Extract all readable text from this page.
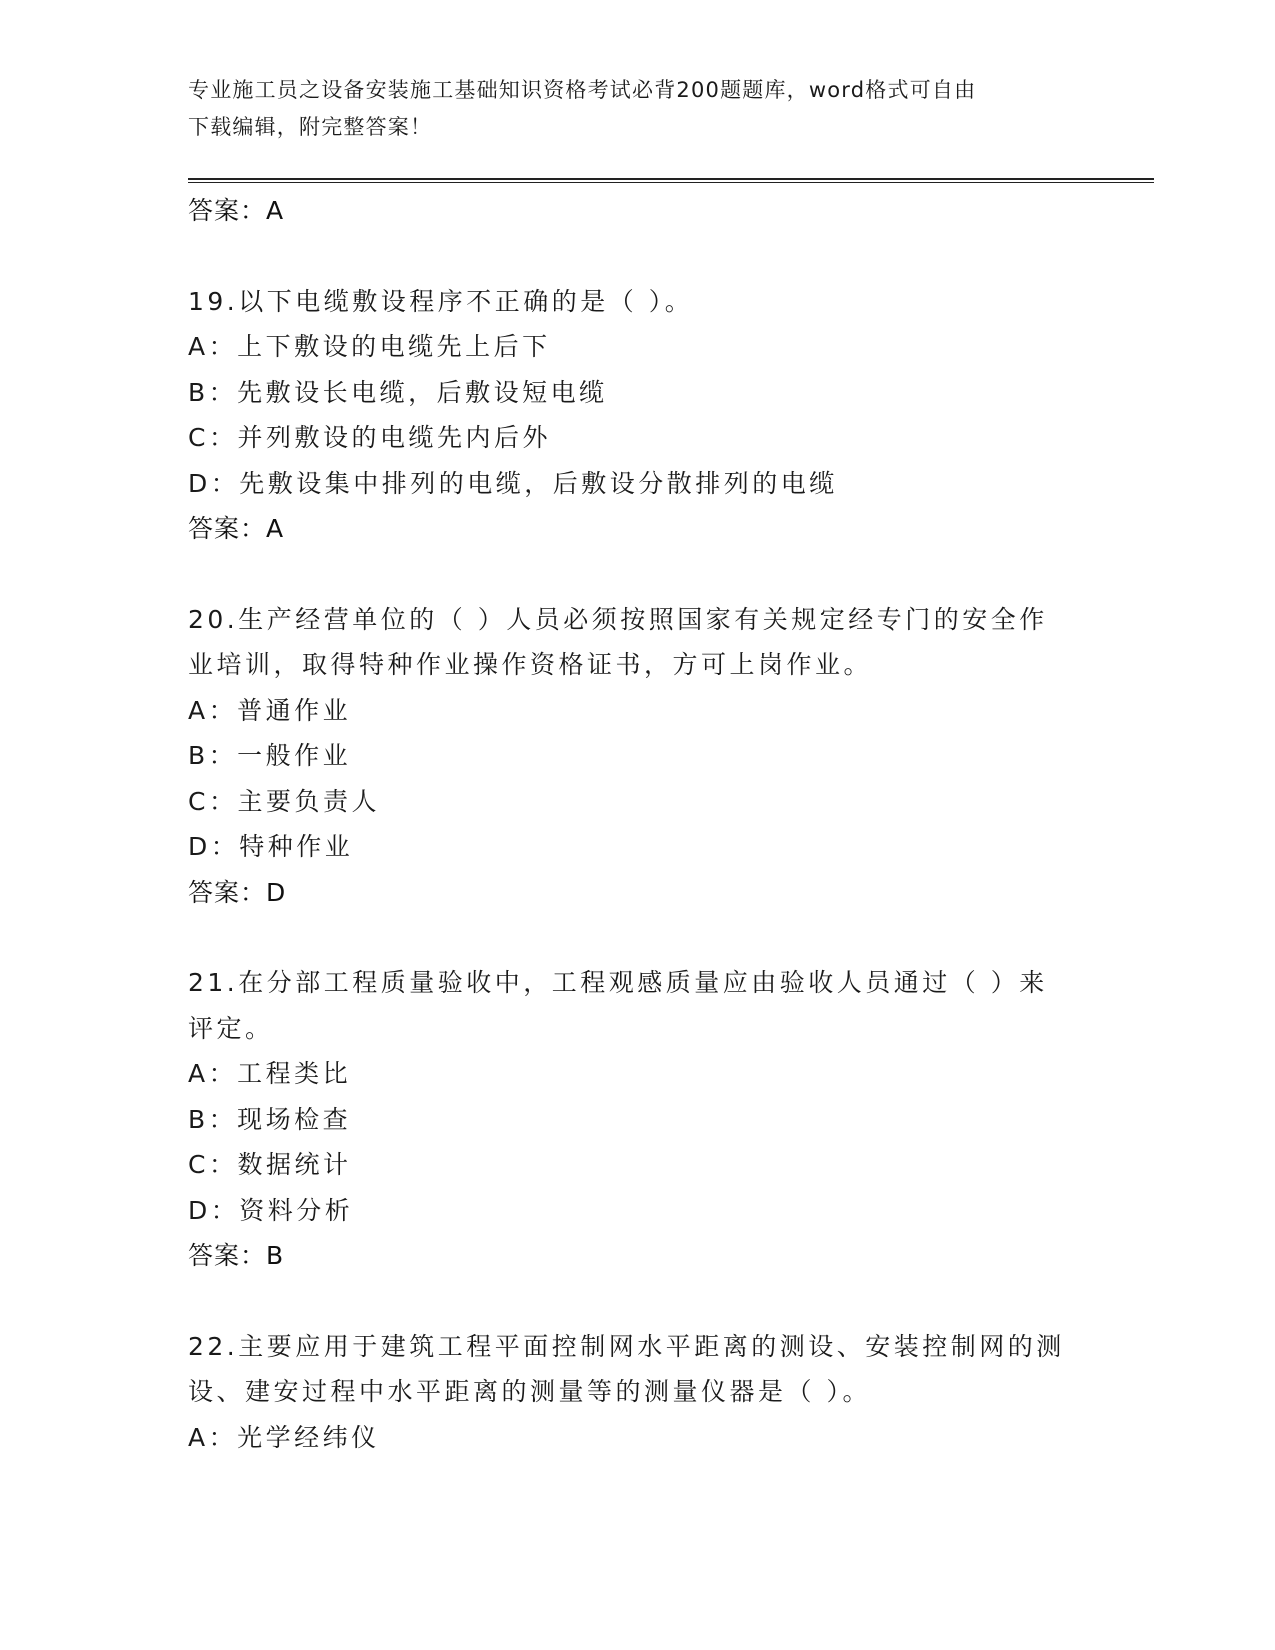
专业施工员之设备安装施工基础知识资格考试必背200题题库，word格式可自由
下载编辑，附完整答案！
答案：A
19.以下电缆敷设程序不正确的是（ ）。
A：上下敷设的电缆先上后下
B：先敷设长电缆，后敷设短电缆
C：并列敷设的电缆先内后外
D：先敷设集中排列的电缆，后敷设分散排列的电缆
答案：A
20.生产经营单位的（ ）人员必须按照国家有关规定经专门的安全作
业培训，取得特种作业操作资格证书，方可上岗作业。
A：普通作业
B：一般作业
C：主要负责人
D：特种作业
答案：D
21.在分部工程质量验收中，工程观感质量应由验收人员通过（ ）来
评定。
A：工程类比
B：现场检查
C：数据统计
D：资料分析
答案：B
22.主要应用于建筑工程平面控制网水平距离的测设、安装控制网的测
设、建安过程中水平距离的测量等的测量仪器是（ ）。
A：光学经纬仪
